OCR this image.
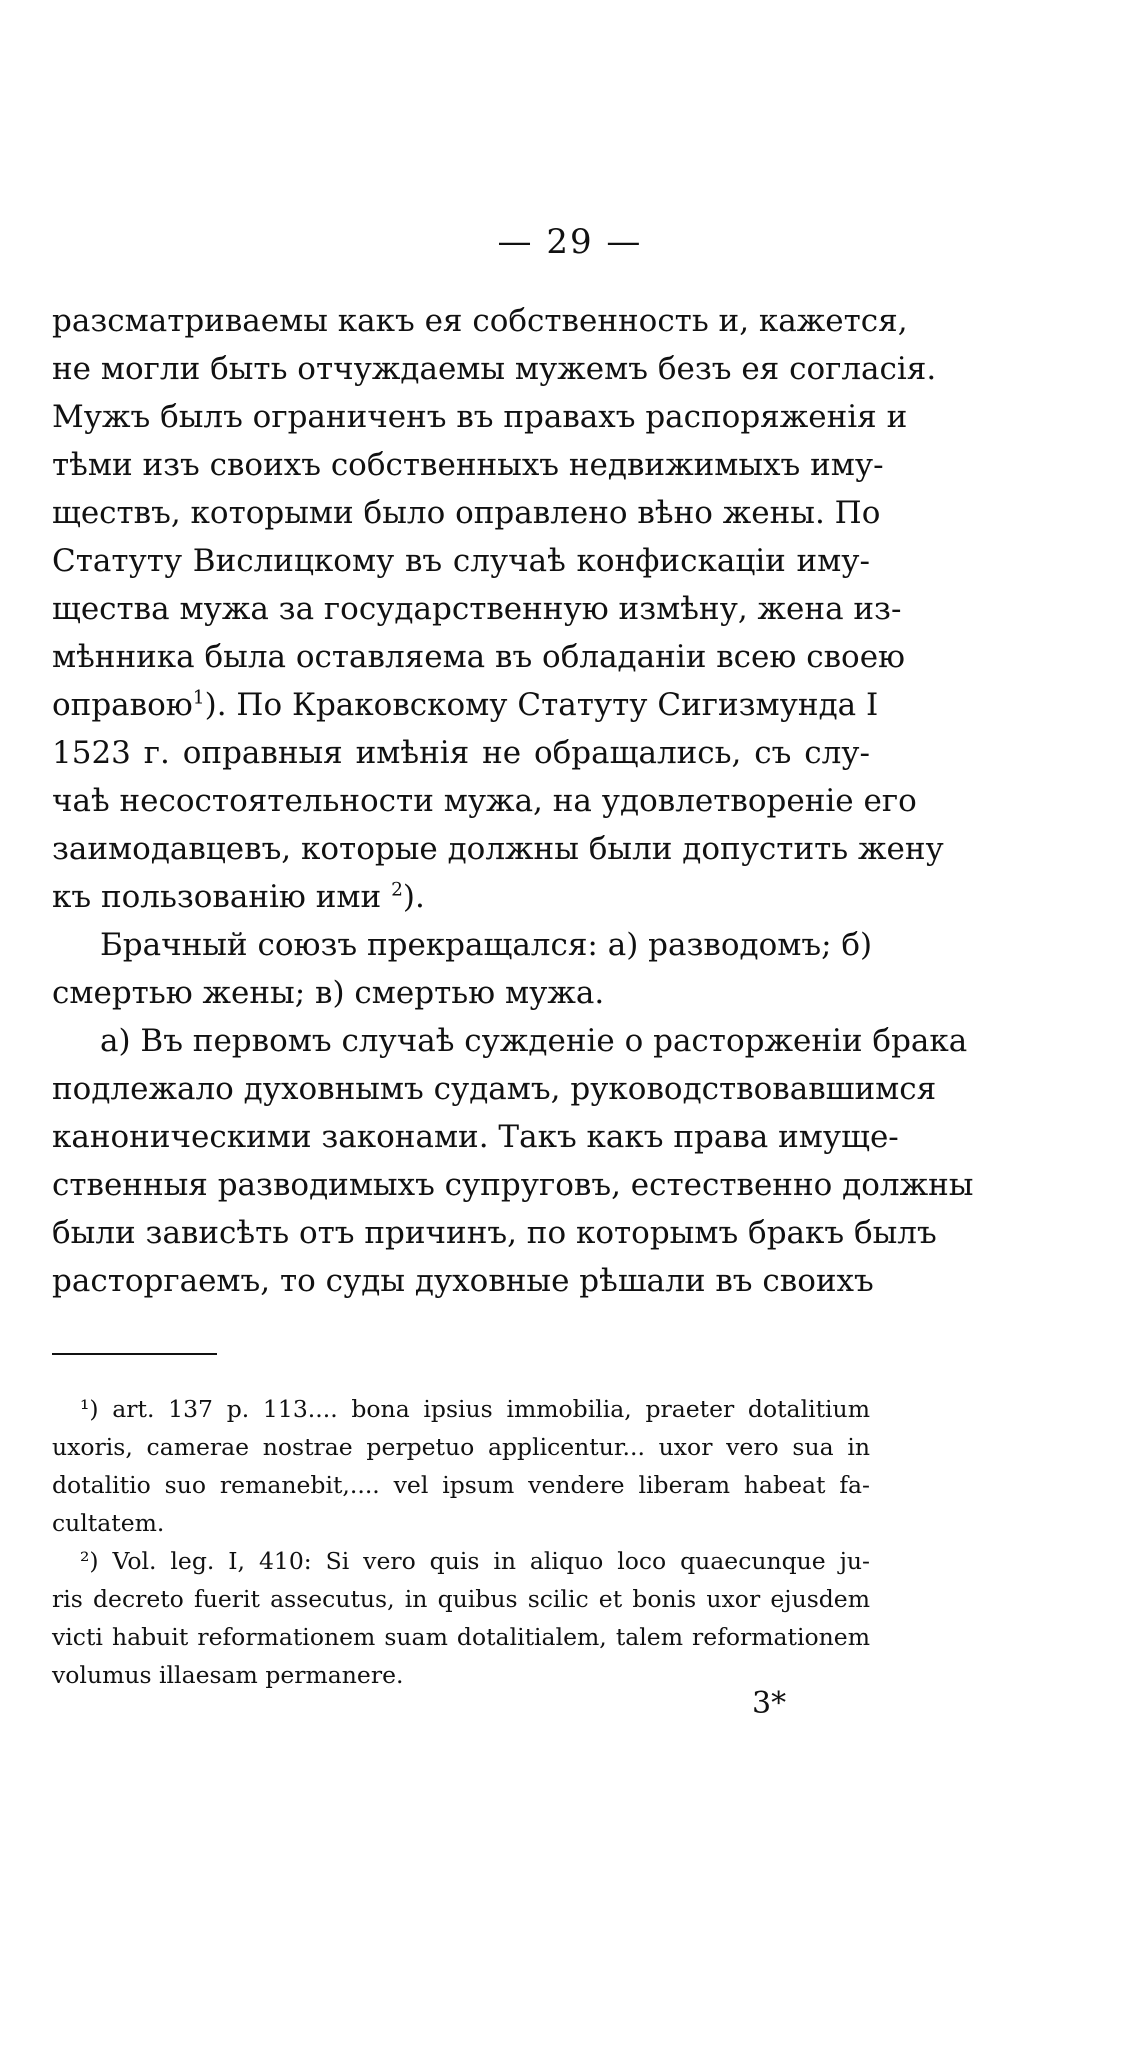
— 29 —
разсматриваемы какъ ея собственность и, кажется,
не могли быть отчуждаемы мужемъ безъ ея согласія.
Мужъ былъ ограниченъ въ правахъ распоряженія и
тѣми изъ своихъ собственныхъ недвижимыхъ иму-
ществъ, которыми было оправлено вѣно жены. По
Статуту Вислицкому въ случаѣ конфискаціи иму-
щества мужа за государственную измѣну, жена из-
мѣнника была оставляема въ обладаніи всею своею
оправою$^1$). По Краковскому Статуту Сигизмунда I
1523 г. оправныя имѣнія не обращались, съ слу-
чаѣ несостоятельности мужа, на удовлетвореніе его
заимодавцевъ, которые должны были допустить жену
къ пользованію ими $^2$).
Брачный союзъ прекращался: а) разводомъ; б)
смертью жены; в) смертью мужа.
а) Въ первомъ случаѣ сужденіе о расторженіи брака
подлежало духовнымъ судамъ, руководствовавшимся
каноническими законами. Такъ какъ права имуще-
ственныя разводимыхъ супруговъ, естественно должны
были зависѣть отъ причинъ, по которымъ бракъ былъ
расторгаемъ, то суды духовные рѣшали въ своихъ
¹) art. 137 p. 113.... bona ipsius immobilia, praeter dotalitium
uxoris, camerae nostrae perpetuo applicentur... uxor vero sua in
dotalitio suo remanebit,.... vel ipsum vendere liberam habeat fa-
cultatem.
²) Vol. leg. I, 410: Si vero quis in aliquo loco quaecunque ju-
ris decreto fuerit assecutus, in quibus scilic et bonis uxor ejusdem
victi habuit reformationem suam dotalitialem, talem reformationem
volumus illaesam permanere.
3*
